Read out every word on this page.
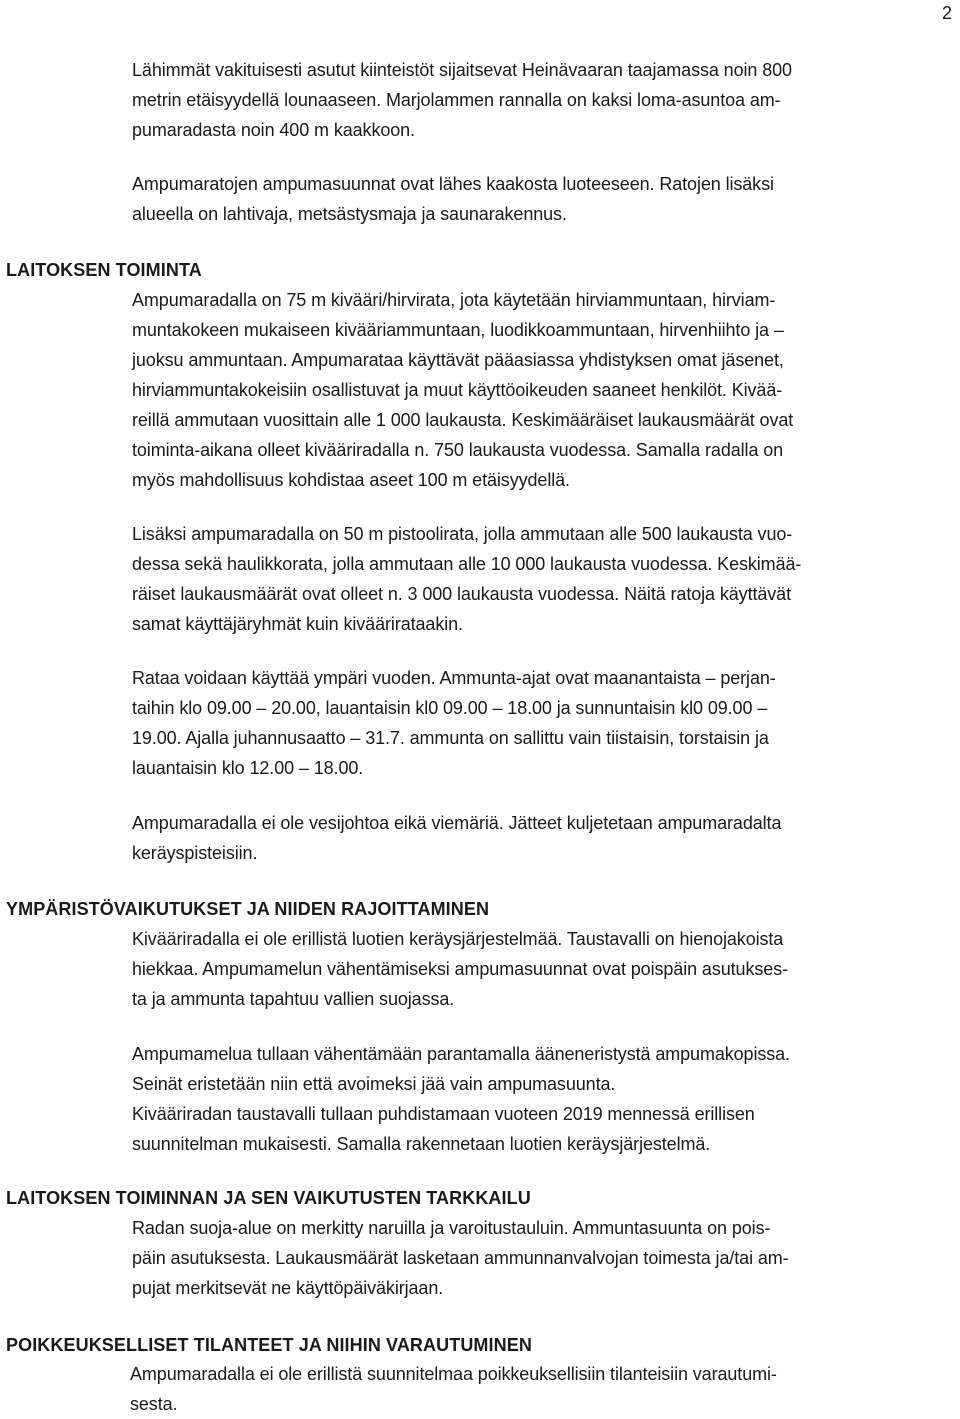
2

Lähimmät vakituisesti asutut kiinteistöt sijaitsevat Heinävaaran taajamassa noin 800
metrin etäisyydellä lounaaseen. Marjolammen rannalla on kaksi loma-asuntoa am-
pumaradasta noin 400 m kaakkoon.

Ampumaratojen ampumasuunnat ovat lähes kaakosta luoteeseen. Ratojen lisäksi
alueella on lahtivaja, metsästysmaja ja saunarakennus.

LAITOKSEN TOIMINTA

Ampumaradalla on 75 m kivääri/hirvirata, jota käytetään hirviammuntaan, hirviam-
muntakokeen mukaiseen kivääriammuntaan, luodikkoammuntaan, hirvenhiihto ja –
juoksu ammuntaan. Ampumarataa käyttävät pääasiassa yhdistyksen omat jäsenet,
hirviammuntakokeisiin osallistuvat ja muut käyttöoikeuden saaneet henkilöt. Kivää-
reillä ammutaan vuosittain alle 1 000 laukausta. Keskimääräiset laukausmäärät ovat
toiminta-aikana olleet kivääriradalla n. 750 laukausta vuodessa. Samalla radalla on
myös mahdollisuus kohdistaa aseet 100 m etäisyydellä.

Lisäksi ampumaradalla on 50 m pistoolirata, jolla ammutaan alle 500 laukausta vuo-
dessa sekä haulikkorata, jolla ammutaan alle 10 000 laukausta vuodessa. Keskimää-
räiset laukausmäärät ovat olleet n. 3 000 laukausta vuodessa. Näitä ratoja käyttävät
samat käyttäjäryhmät kuin kivääriratаakin.

Rataa voidaan käyttää ympäri vuoden. Ammunta-ajat ovat maanantaista – perjan-
taihin klo 09.00 – 20.00, lauantaisin kl0 09.00 – 18.00 ja sunnuntaisin kl0 09.00 –
19.00. Ajalla juhannusaatto – 31.7. ammunta on sallittu vain tiistaisin, torstaisin ja
lauantaisin klo 12.00 – 18.00.

Ampumaradalla ei ole vesijohtoa eikä viemäriä. Jätteet kuljetetaan ampumaradalta
keräyspisteisiin.

YMPÄRISTÖVAIKUTUKSET JA NIIDEN RAJOITTAMINEN

Kivääriradalla ei ole erillistä luotien keräysjärjestelmää. Taustavalli on hienojakoista
hiekkaa. Ampumamelun vähentämiseksi ampumasuunnat ovat poispäin asutukses-
ta ja ammunta tapahtuu vallien suojassa.

Ampumamelua tullaan vähentämään parantamalla ääneneristystä ampumakopissa.
Seinät eristetään niin että avoimeksi jää vain ampumasuunta.
Kivääriradan taustavalli tullaan puhdistamaan vuoteen 2019 mennessä erillisen
suunnitelman mukaisesti. Samalla rakennetaan luotien keräysjärjestelmä.

LAITOKSEN TOIMINNAN JA SEN VAIKUTUSTEN TARKKAILU

Radan suoja-alue on merkitty naruilla ja varoitustauluin. Ammuntasuunta on pois-
päin asutuksesta. Laukausmäärät lasketaan ammunnanvalvojan toimesta ja/tai am-
pujat merkitsevät ne käyttöpäiväkirjaan.

POIKKEUKSELLISET TILANTEET JA NIIHIN VARAUTUMINEN

Ampumaradalla ei ole erillistä suunnitelmaa poikkeuksellisiin tilanteisiin varautumi-
sesta.
